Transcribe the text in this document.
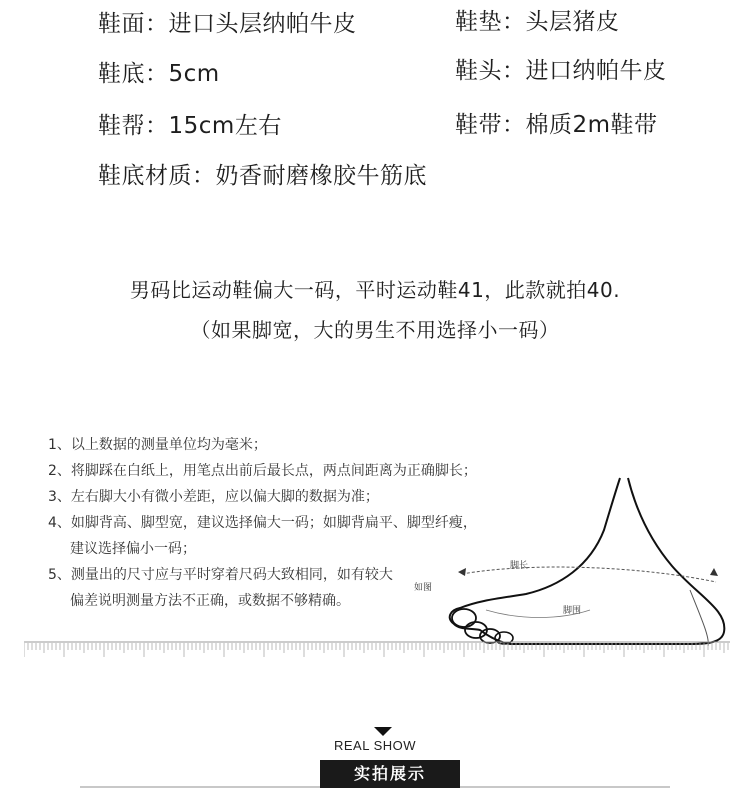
鞋面：进口头层纳帕牛皮	鞋垫：头层猪皮
鞋底：5cm	鞋头：进口纳帕牛皮
鞋帮：15cm左右	鞋带：棉质2m鞋带
鞋底材质：奶香耐磨橡胶牛筋底
男码比运动鞋偏大一码，平时运动鞋41，此款就拍40.
（如果脚宽，大的男生不用选择小一码）
1、以上数据的测量单位均为毫米；
2、将脚踩在白纸上，用笔点出前后最长点，两点间距离为正确脚长；
3、左右脚大小有微小差距，应以偏大脚的数据为准；
4、如脚背高、脚型宽，建议选择偏大一码；如脚背扁平、脚型纤瘦，
建议选择偏小一码；
5、测量出的尺寸应与平时穿着尺码大致相同，如有较大
偏差说明测量方法不正确，或数据不够精确。
脚长
如图
脚围
REAL SHOW
实拍展示
